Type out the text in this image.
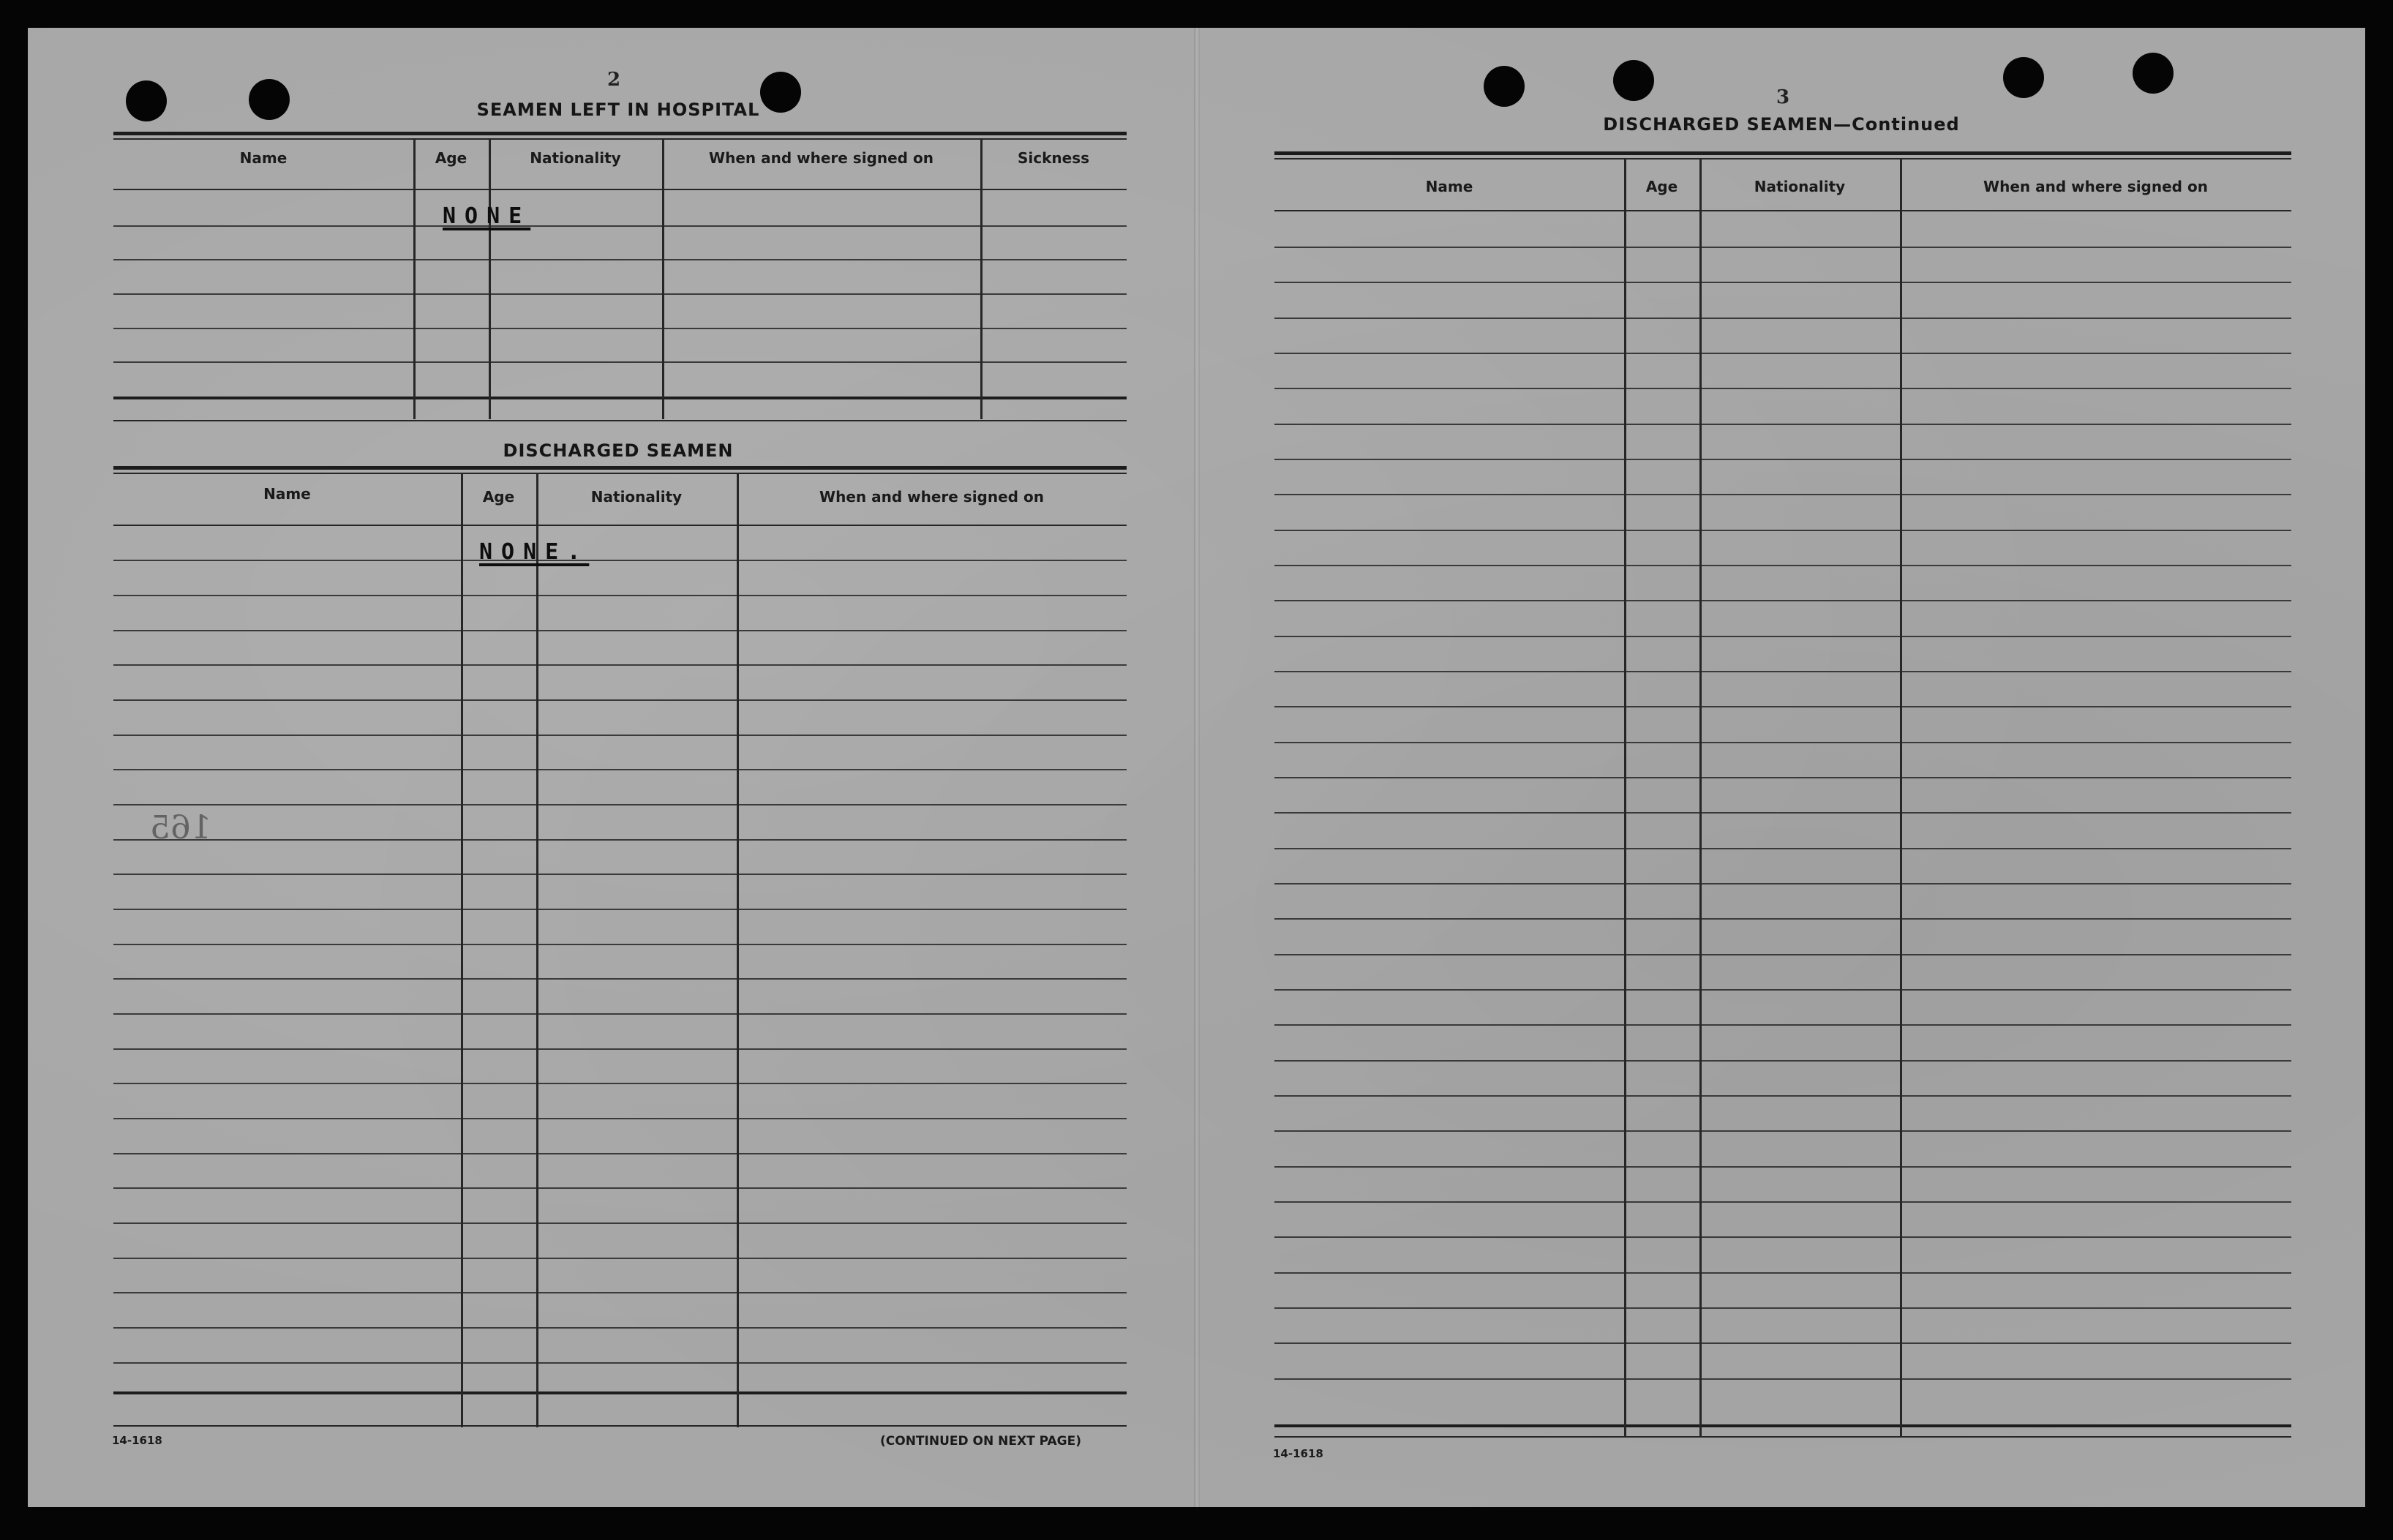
2
SEAMEN LEFT IN HOSPITAL
Name	Age	Nationality	When and where signed on	Sickness
NONE
DISCHARGED SEAMEN
Name	Age	Nationality	When and where signed on
NONE.
165
14-1618	(CONTINUED ON NEXT PAGE)
3
DISCHARGED SEAMEN—Continued
Name	Age	Nationality	When and where signed on
14-1618
